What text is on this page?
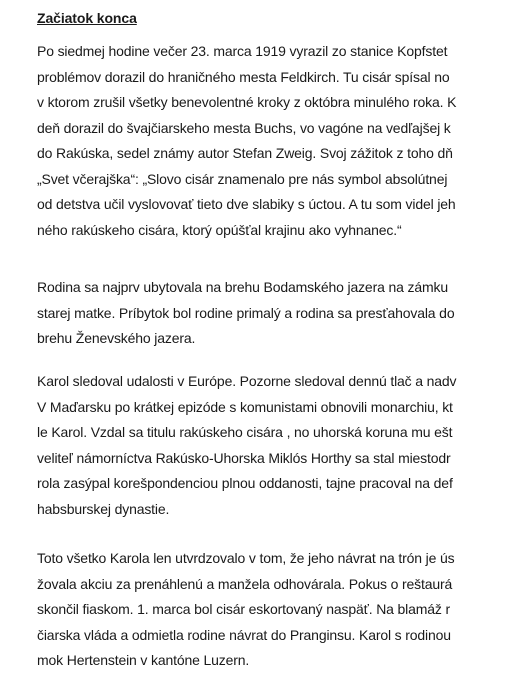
Začiatok konca
Po siedmej hodine večer 23. marca 1919 vyrazil zo stanice Kopfstet
problémov dorazil do hraničného mesta Feldkirch. Tu cisár spísal no
v ktorom zrušil všetky benevolentné kroky z októbra minulého roka. K
deň dorazil do švajčiarskeho mesta Buchs, vo vagóne na vedľajšej k
do Rakúska, sedel známy autor Stefan Zweig. Svoj zážitok z toho dň
„Svet včerajška“: „Slovo cisár znamenalo pre nás symbol absolútnej
od detstva učil vyslovovať tieto dve slabiky s úctou. A tu som videl jeh
ného rakúskeho cisára, ktorý opúšťal krajinu ako vyhnanec.“
Rodina sa najprv ubytovala na brehu Bodamského jazera na zámku
starej matke. Príbytok bol rodine primalý a rodina sa presťahovala do
brehu Ženevského jazera.
Karol sledoval udalosti v Európe. Pozorne sledoval dennú tlač a nadv
V Maďarsku po krátkej epizóde s komunistami obnovili monarchiu, kt
le Karol. Vzdal sa titulu rakúskeho cisára , no uhorská koruna mu ešt
veliteľ námorníctva Rakúsko-Uhorska Miklós Horthy sa stal miestodr
rola zasýpal korešpondenciou plnou oddanosti, tajne pracoval na def
habsburskej dynastie.
Toto všetko Karola len utvrdzovalo v tom, že jeho návrat na trón je ús
žovala akciu za prenáhlenú a manžela odhovárala. Pokus o reštaurá
skončil fiaskom. 1. marca bol cisár eskortovaný naspäť. Na blamáž r
čiarska vláda a odmietla rodine návrat do Pranginsu. Karol s rodinou
mok Hertenstein v kantóne Luzern.
